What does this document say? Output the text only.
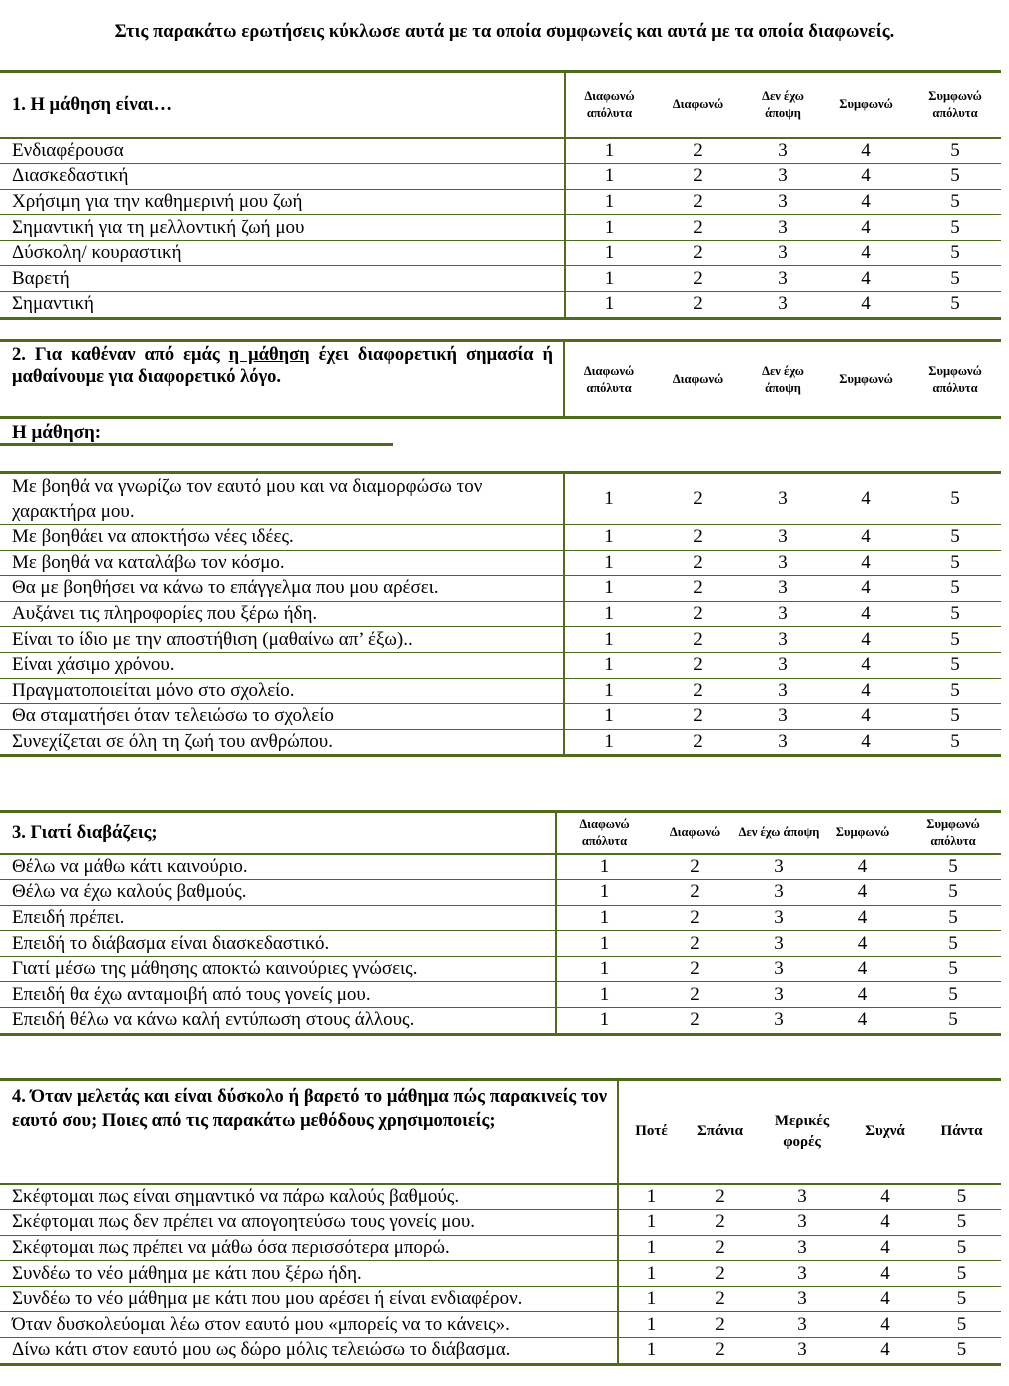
Στις παρακάτω ερωτήσεις κύκλωσε αυτά με τα οποία συμφωνείς και αυτά με τα οποία διαφωνείς.
1. Η μάθηση είναι…	Διαφωνώ απόλυτα	Διαφωνώ	Δεν έχω άποψη	Συμφωνώ	Συμφωνώ απόλυτα
Ενδιαφέρουσα	1	2	3	4	5
Διασκεδαστική	1	2	3	4	5
Χρήσιμη για την καθημερινή μου ζωή	1	2	3	4	5
Σημαντική για τη μελλοντική ζωή μου	1	2	3	4	5
Δύσκολη/ κουραστική	1	2	3	4	5
Βαρετή	1	2	3	4	5
Σημαντική	1	2	3	4	5
2. Για καθέναν από εμάς η μάθηση έχει διαφορετική σημασία ή μαθαίνουμε για διαφορετικό λόγο.	Διαφωνώ απόλυτα	Διαφωνώ	Δεν έχω άποψη	Συμφωνώ	Συμφωνώ απόλυτα
Η μάθηση:

Με βοηθά να γνωρίζω τον εαυτό μου και να διαμορφώσω τον χαρακτήρα μου.	1	2	3	4	5
Με βοηθάει να αποκτήσω νέες ιδέες.	1	2	3	4	5
Με βοηθά να καταλάβω τον κόσμο.	1	2	3	4	5
Θα με βοηθήσει να κάνω το επάγγελμα που μου αρέσει.	1	2	3	4	5
Αυξάνει τις πληροφορίες που ξέρω ήδη.	1	2	3	4	5
Είναι το ίδιο με την αποστήθιση (μαθαίνω απ’ έξω)..	1	2	3	4	5
Είναι χάσιμο χρόνου.	1	2	3	4	5
Πραγματοποιείται μόνο στο σχολείο.	1	2	3	4	5
Θα σταματήσει όταν τελειώσω το σχολείο	1	2	3	4	5
Συνεχίζεται σε όλη τη ζωή του ανθρώπου.	1	2	3	4	5
3. Γιατί διαβάζεις;	Διαφωνώ απόλυτα	Διαφωνώ	Δεν έχω άποψη	Συμφωνώ	Συμφωνώ απόλυτα
Θέλω να μάθω κάτι καινούριο.	1	2	3	4	5
Θέλω να έχω καλούς βαθμούς.	1	2	3	4	5
Επειδή πρέπει.	1	2	3	4	5
Επειδή το διάβασμα είναι διασκεδαστικό.	1	2	3	4	5
Γιατί μέσω της μάθησης αποκτώ καινούριες γνώσεις.	1	2	3	4	5
Επειδή θα έχω ανταμοιβή από τους γονείς μου.	1	2	3	4	5
Επειδή θέλω να κάνω καλή εντύπωση στους άλλους.	1	2	3	4	5
4. Όταν μελετάς και είναι δύσκολο ή βαρετό το μάθημα πώς παρακινείς τον εαυτό σου; Ποιες από τις παρακάτω μεθόδους χρησιμοποιείς;	Ποτέ	Σπάνια	Μερικές φορές	Συχνά	Πάντα
Σκέφτομαι πως είναι σημαντικό να πάρω καλούς βαθμούς.	1	2	3	4	5
Σκέφτομαι πως δεν πρέπει να απογοητεύσω τους γονείς μου.	1	2	3	4	5
Σκέφτομαι πως πρέπει να μάθω όσα περισσότερα μπορώ.	1	2	3	4	5
Συνδέω το νέο μάθημα με κάτι που ξέρω ήδη.	1	2	3	4	5
Συνδέω το νέο μάθημα με κάτι που μου αρέσει ή είναι ενδιαφέρον.	1	2	3	4	5
Όταν δυσκολεύομαι λέω στον εαυτό μου «μπορείς να το κάνεις».	1	2	3	4	5
Δίνω κάτι στον εαυτό μου ως δώρο μόλις τελειώσω το διάβασμα.	1	2	3	4	5
